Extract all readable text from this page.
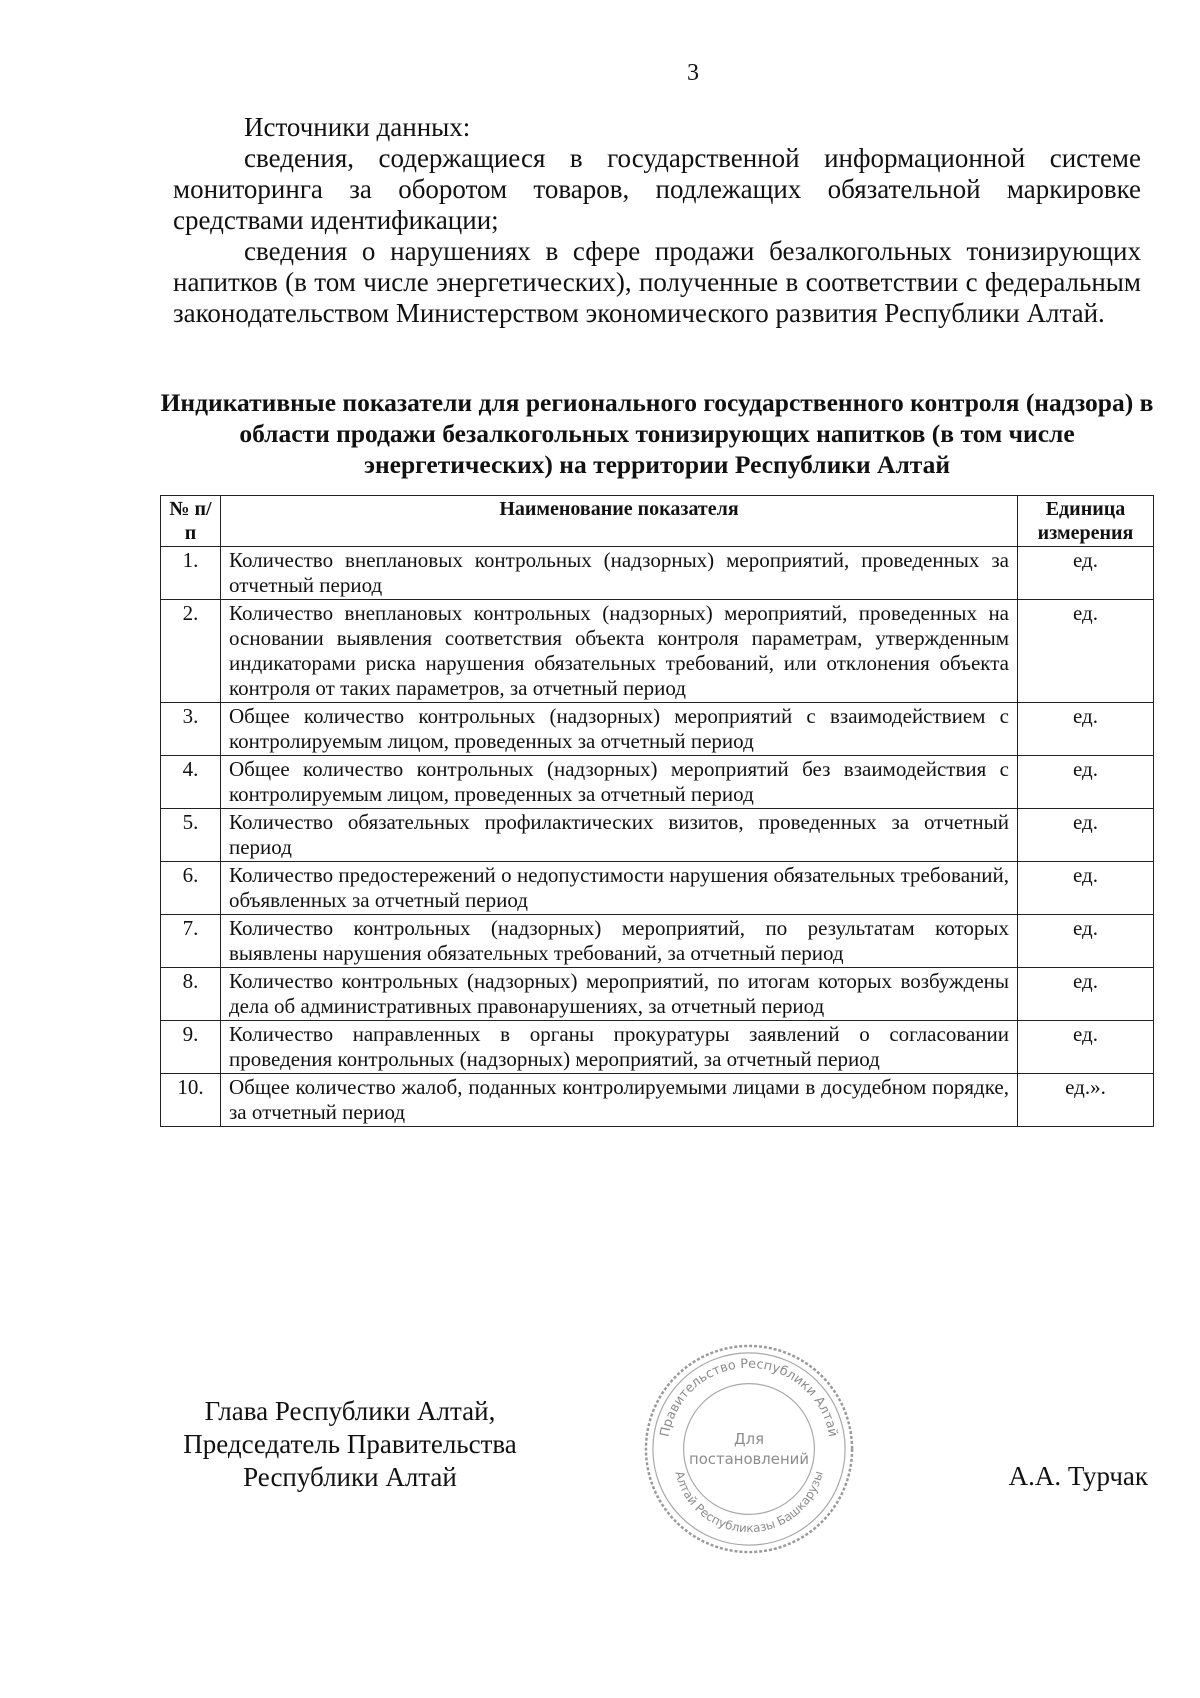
3

Источники данных:

сведения, содержащиеся в государственной информационной системе мониторинга за оборотом товаров, подлежащих обязательной маркировке средствами идентификации;

сведения о нарушениях в сфере продажи безалкогольных тонизирующих напитков (в том числе энергетических), полученные в соответствии с федеральным законодательством Министерством экономического развития Республики Алтай.

Индикативные показатели для регионального государственного контроля (надзора) в области продажи безалкогольных тонизирующих напитков (в том числе энергетических) на территории Республики Алтай
№ п/п	Наименование показателя	Единица измерения
1.	Количество внеплановых контрольных (надзорных) мероприятий, проведенных за отчетный период	ед.
2.	Количество внеплановых контрольных (надзорных) мероприятий, проведенных на основании выявления соответствия объекта контроля параметрам, утвержденным индикаторами риска нарушения обязательных требований, или отклонения объекта контроля от таких параметров, за отчетный период	ед.
3.	Общее количество контрольных (надзорных) мероприятий с взаимодействием с контролируемым лицом, проведенных за отчетный период	ед.
4.	Общее количество контрольных (надзорных) мероприятий без взаимодействия с контролируемым лицом, проведенных за отчетный период	ед.
5.	Количество обязательных профилактических визитов, проведенных за отчетный период	ед.
6.	Количество предостережений о недопустимости нарушения обязательных требований, объявленных за отчетный период	ед.
7.	Количество контрольных (надзорных) мероприятий, по результатам которых выявлены нарушения обязательных требований, за отчетный период	ед.
8.	Количество контрольных (надзорных) мероприятий, по итогам которых возбуждены дела об административных правонарушениях, за отчетный период	ед.
9.	Количество направленных в органы прокуратуры заявлений о согласовании проведения контрольных (надзорных) мероприятий, за отчетный период	ед.
10.	Общее количество жалоб, поданных контролируемыми лицами в досудебном порядке, за отчетный период	ед.».
Глава Республики Алтай,
Председатель Правительства
Республики Алтай	А.А. Турчак
Правительство Республики Алтай
Алтай Республиказы Башкарузы
Для
постановлений
